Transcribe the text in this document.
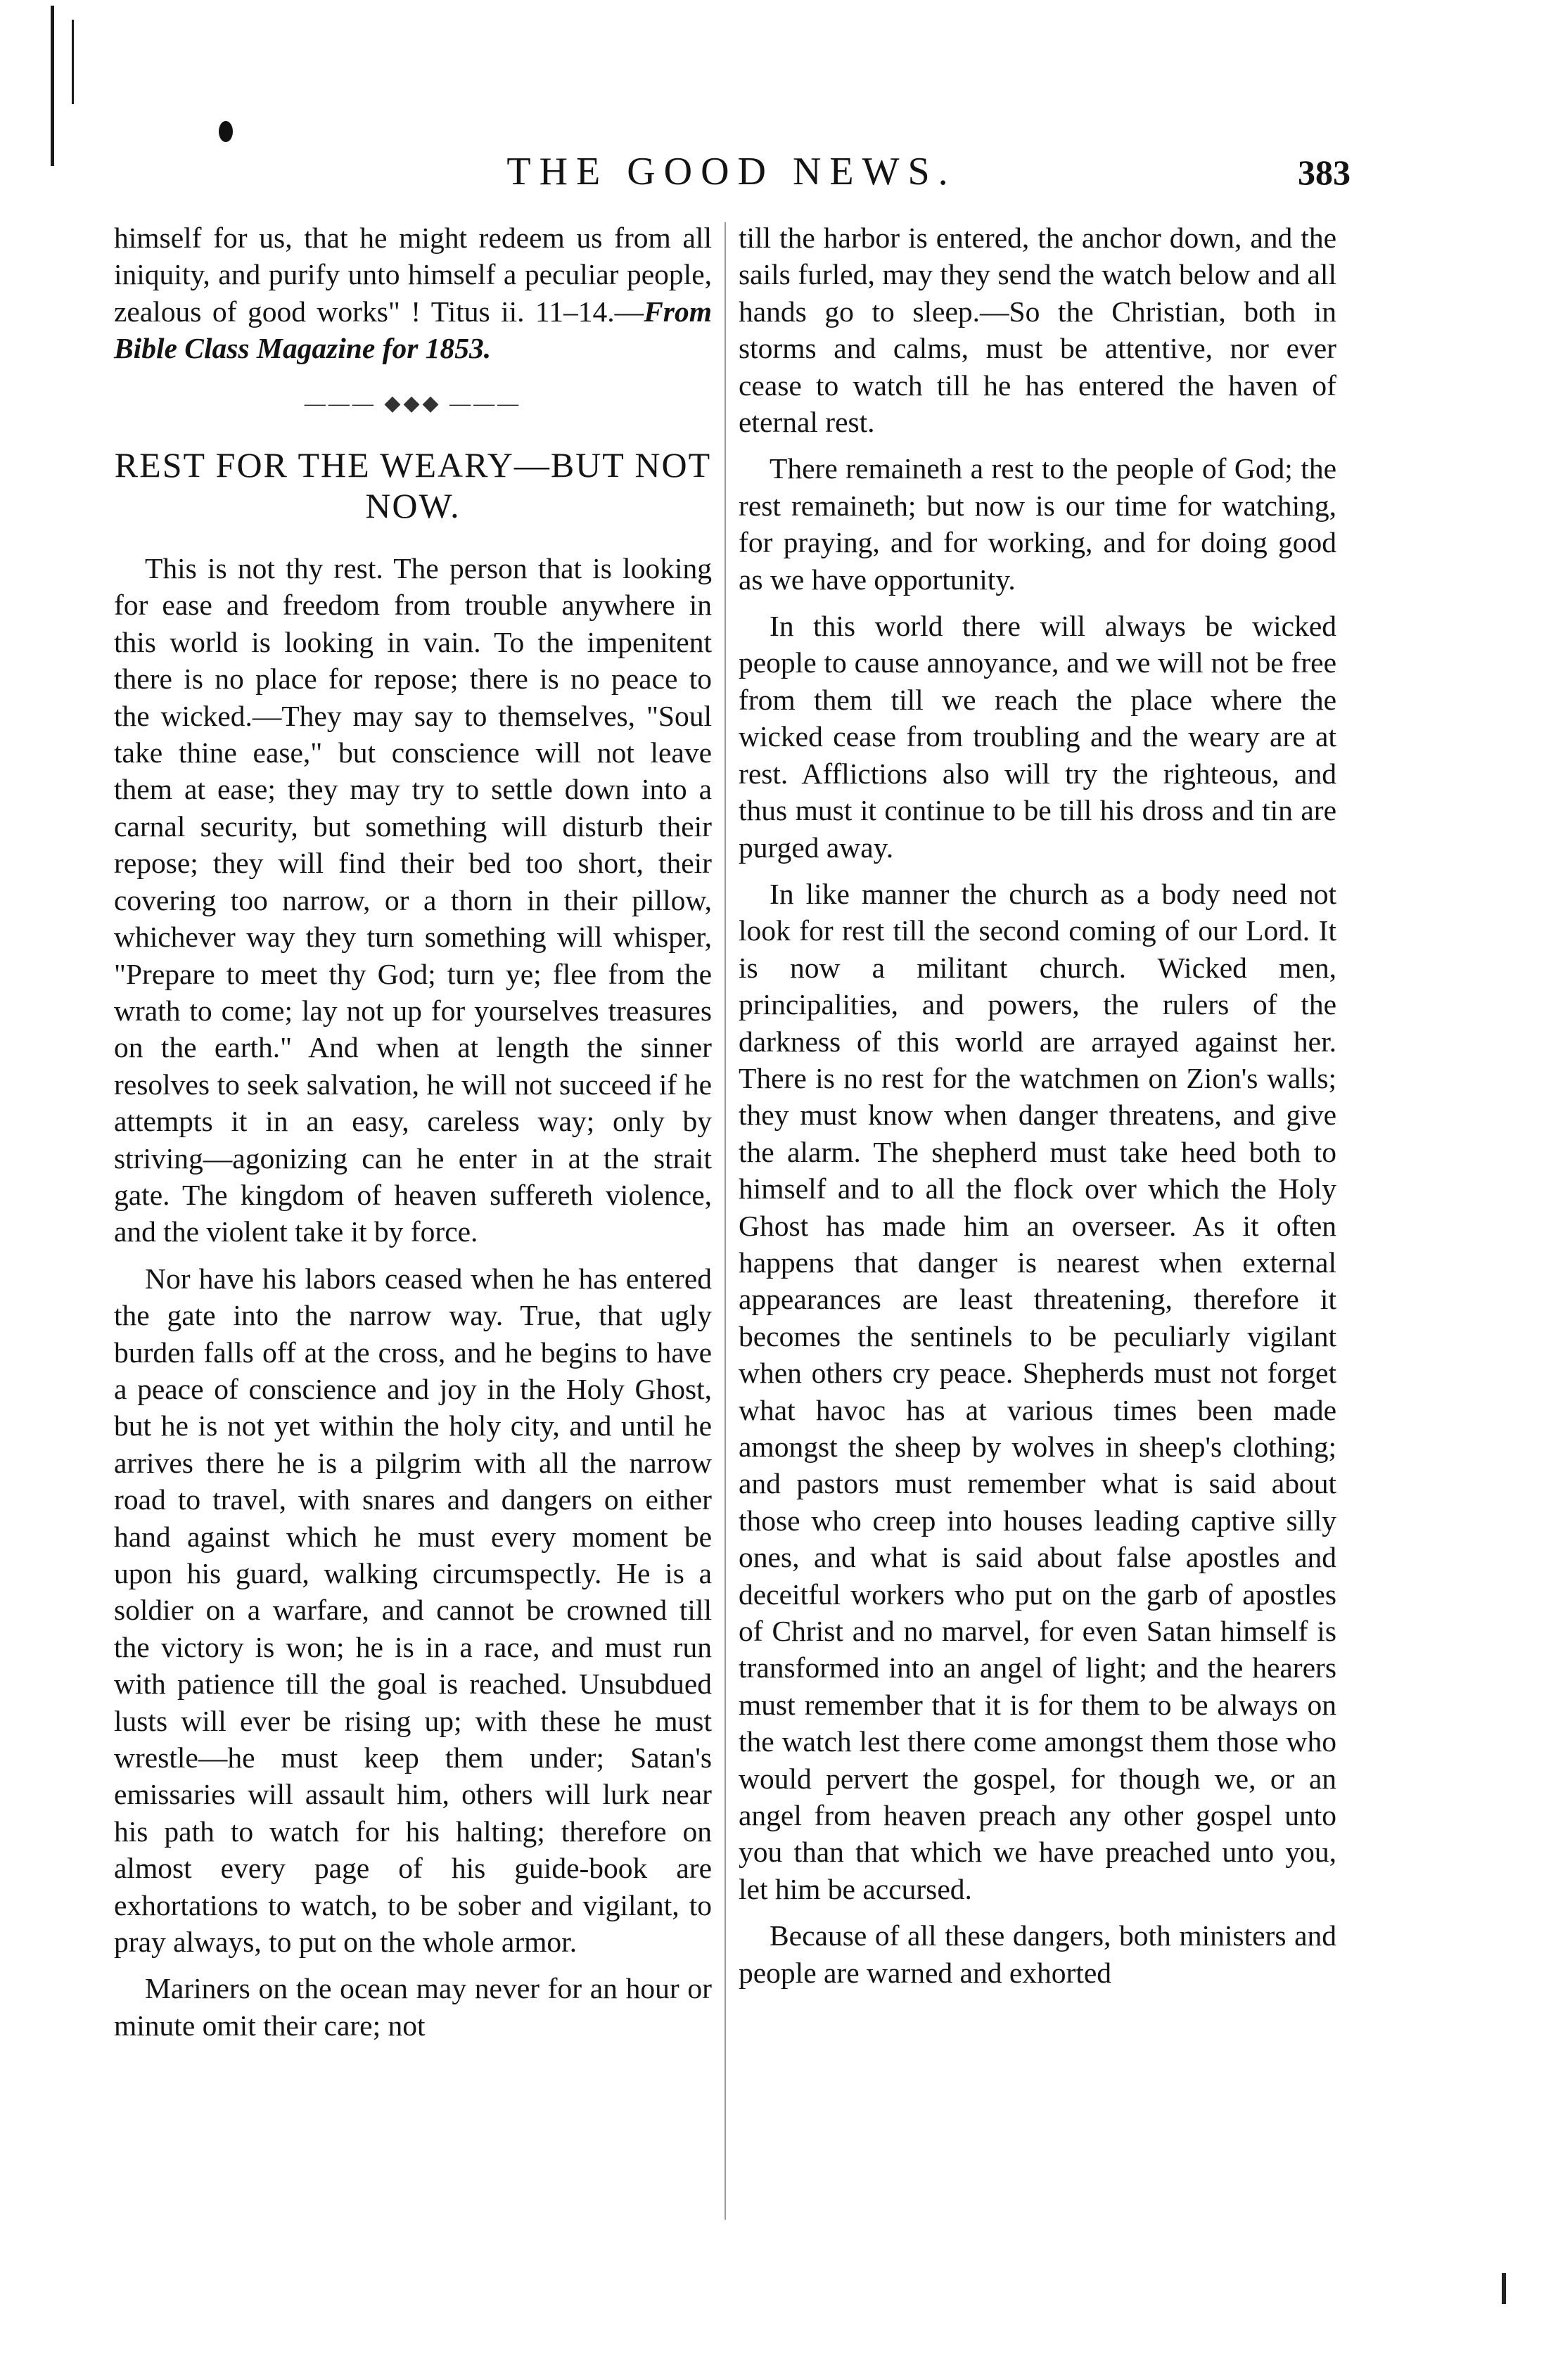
THE GOOD NEWS.	383

himself for us, that he might redeem us from all iniquity, and purify unto himself a peculiar people, zealous of good works" ! Titus ii. 11–14.—From Bible Class Magazine for 1853.

——— ◆◆◆ ———
REST FOR THE WEARY—BUT NOT NOW.

This is not thy rest. The person that is looking for ease and freedom from trouble anywhere in this world is looking in vain. To the impenitent there is no place for repose; there is no peace to the wicked.—They may say to themselves, "Soul take thine ease," but conscience will not leave them at ease; they may try to settle down into a carnal security, but something will disturb their repose; they will find their bed too short, their covering too narrow, or a thorn in their pillow, whichever way they turn something will whisper, "Prepare to meet thy God; turn ye; flee from the wrath to come; lay not up for yourselves treasures on the earth." And when at length the sinner resolves to seek salvation, he will not succeed if he attempts it in an easy, careless way; only by striving—agonizing can he enter in at the strait gate. The kingdom of heaven suffereth violence, and the violent take it by force.

Nor have his labors ceased when he has entered the gate into the narrow way. True, that ugly burden falls off at the cross, and he begins to have a peace of conscience and joy in the Holy Ghost, but he is not yet within the holy city, and until he arrives there he is a pilgrim with all the narrow road to travel, with snares and dangers on either hand against which he must every moment be upon his guard, walking circumspectly. He is a soldier on a warfare, and cannot be crowned till the victory is won; he is in a race, and must run with patience till the goal is reached. Unsubdued lusts will ever be rising up; with these he must wrestle—he must keep them under; Satan's emissaries will assault him, others will lurk near his path to watch for his halting; therefore on almost every page of his guide-book are exhortations to watch, to be sober and vigilant, to pray always, to put on the whole armor.

Mariners on the ocean may never for an hour or minute omit their care; not

till the harbor is entered, the anchor down, and the sails furled, may they send the watch below and all hands go to sleep.—So the Christian, both in storms and calms, must be attentive, nor ever cease to watch till he has entered the haven of eternal rest.

There remaineth a rest to the people of God; the rest remaineth; but now is our time for watching, for praying, and for working, and for doing good as we have opportunity.

In this world there will always be wicked people to cause annoyance, and we will not be free from them till we reach the place where the wicked cease from troubling and the weary are at rest. Afflictions also will try the righteous, and thus must it continue to be till his dross and tin are purged away.

In like manner the church as a body need not look for rest till the second coming of our Lord. It is now a militant church. Wicked men, principalities, and powers, the rulers of the darkness of this world are arrayed against her. There is no rest for the watchmen on Zion's walls; they must know when danger threatens, and give the alarm. The shepherd must take heed both to himself and to all the flock over which the Holy Ghost has made him an overseer. As it often happens that danger is nearest when external appearances are least threatening, therefore it becomes the sentinels to be peculiarly vigilant when others cry peace. Shepherds must not forget what havoc has at various times been made amongst the sheep by wolves in sheep's clothing; and pastors must remember what is said about those who creep into houses leading captive silly ones, and what is said about false apostles and deceitful workers who put on the garb of apostles of Christ and no marvel, for even Satan himself is transformed into an angel of light; and the hearers must remember that it is for them to be always on the watch lest there come amongst them those who would pervert the gospel, for though we, or an angel from heaven preach any other gospel unto you than that which we have preached unto you, let him be accursed.

Because of all these dangers, both ministers and people are warned and exhorted
